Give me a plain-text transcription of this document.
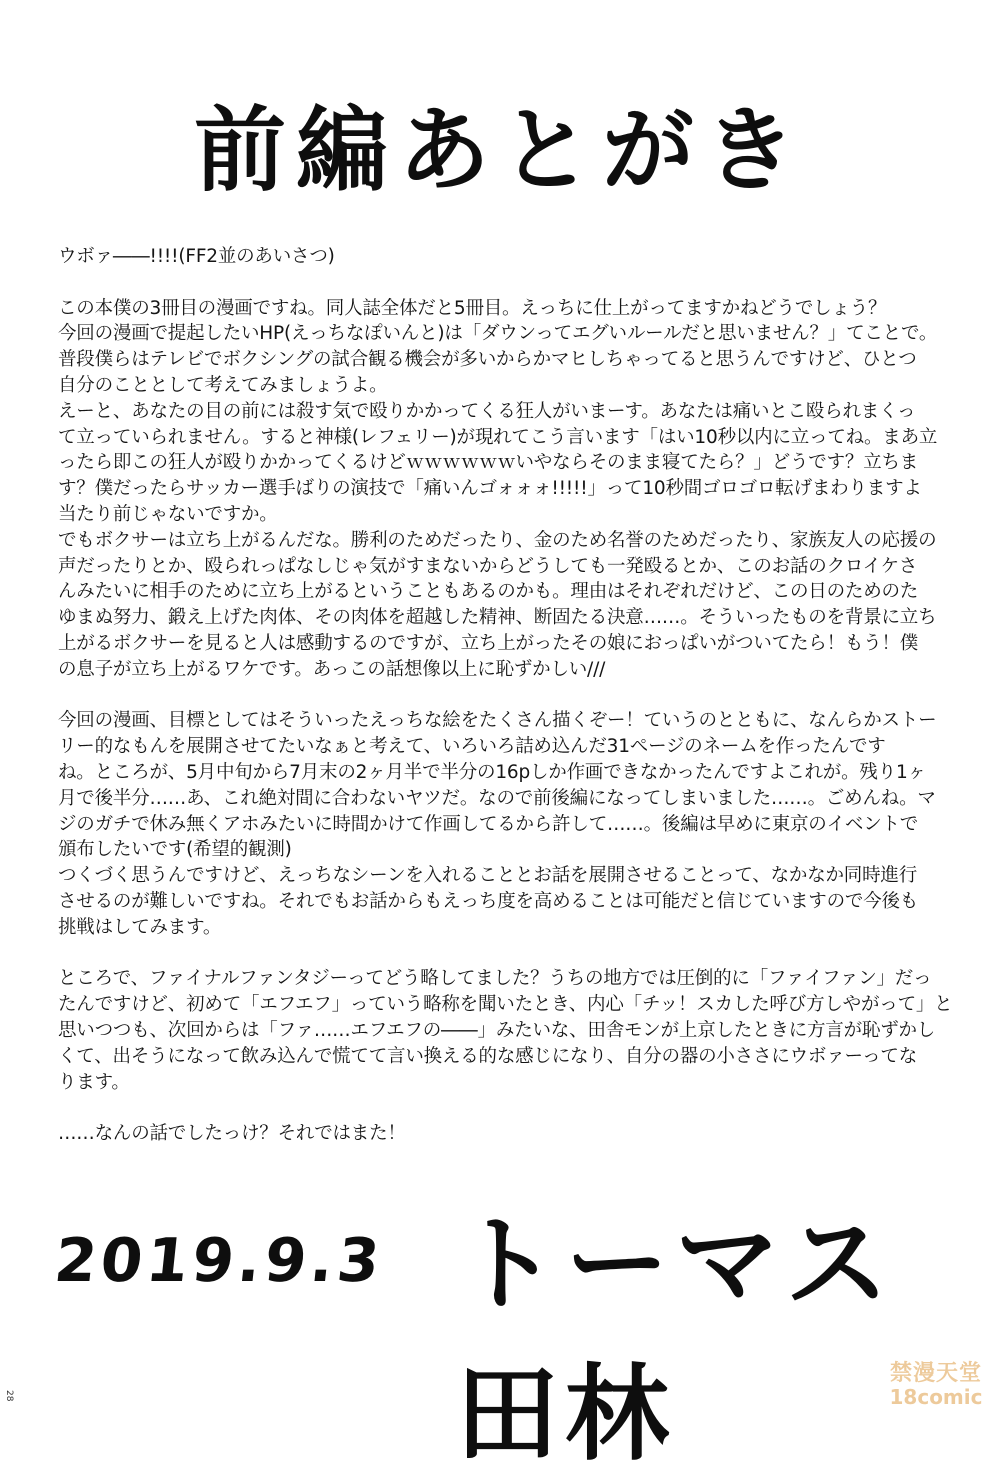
前編あとがき
ウボァ――!!!!(FF2並のあいさつ)
この本僕の3冊目の漫画ですね。同人誌全体だと5冊目。えっちに仕上がってますかねどうでしょう？
今回の漫画で提起したいHP(えっちなぽいんと)は「ダウンってエグいルールだと思いません？」てことで。
普段僕らはテレビでボクシングの試合観る機会が多いからかマヒしちゃってると思うんですけど、ひとつ
自分のこととして考えてみましょうよ。
えーと、あなたの目の前には殺す気で殴りかかってくる狂人がいまーす。あなたは痛いとこ殴られまくっ
て立っていられません。すると神様(レフェリー)が現れてこう言います「はい10秒以内に立ってね。まあ立
ったら即この狂人が殴りかかってくるけどｗｗｗｗｗｗいやならそのまま寝てたら？」どうです？立ちま
す？僕だったらサッカー選手ばりの演技で「痛いんゴォォォ!!!!!」って10秒間ゴロゴロ転げまわりますよ
当たり前じゃないですか。
でもボクサーは立ち上がるんだな。勝利のためだったり、金のため名誉のためだったり、家族友人の応援の
声だったりとか、殴られっぱなしじゃ気がすまないからどうしても一発殴るとか、このお話のクロイケさ
んみたいに相手のために立ち上がるということもあるのかも。理由はそれぞれだけど、この日のためのた
ゆまぬ努力、鍛え上げた肉体、その肉体を超越した精神、断固たる決意……。そういったものを背景に立ち
上がるボクサーを見ると人は感動するのですが、立ち上がったその娘におっぱいがついてたら！もう！僕
の息子が立ち上がるワケです。あっこの話想像以上に恥ずかしい///
今回の漫画、目標としてはそういったえっちな絵をたくさん描くぞー！ていうのとともに、なんらかストー
リー的なもんを展開させてたいなぁと考えて、いろいろ詰め込んだ31ページのネームを作ったんです
ね。ところが、5月中旬から7月末の2ヶ月半で半分の16pしか作画できなかったんですよこれが。残り1ヶ
月で後半分……あ、これ絶対間に合わないヤツだ。なので前後編になってしまいました……。ごめんね。マ
ジのガチで休み無くアホみたいに時間かけて作画してるから許して……。後編は早めに東京のイベントで
頒布したいです(希望的観測)
つくづく思うんですけど、えっちなシーンを入れることとお話を展開させることって、なかなか同時進行
させるのが難しいですね。それでもお話からもえっち度を高めることは可能だと信じていますので今後も
挑戦はしてみます。
ところで、ファイナルファンタジーってどう略してました？うちの地方では圧倒的に「ファイファン」だっ
たんですけど、初めて「エフエフ」っていう略称を聞いたとき、内心「チッ！スカした呼び方しやがって」と
思いつつも、次回からは「ファ……エフエフの――」みたいな、田舎モンが上京したときに方言が恥ずかし
くて、出そうになって飲み込んで慌てて言い換える的な感じになり、自分の器の小ささにウボァーってな
ります。
……なんの話でしたっけ？それではまた！
2019.9.3 トーマス田林
28
禁漫天堂
18comic
